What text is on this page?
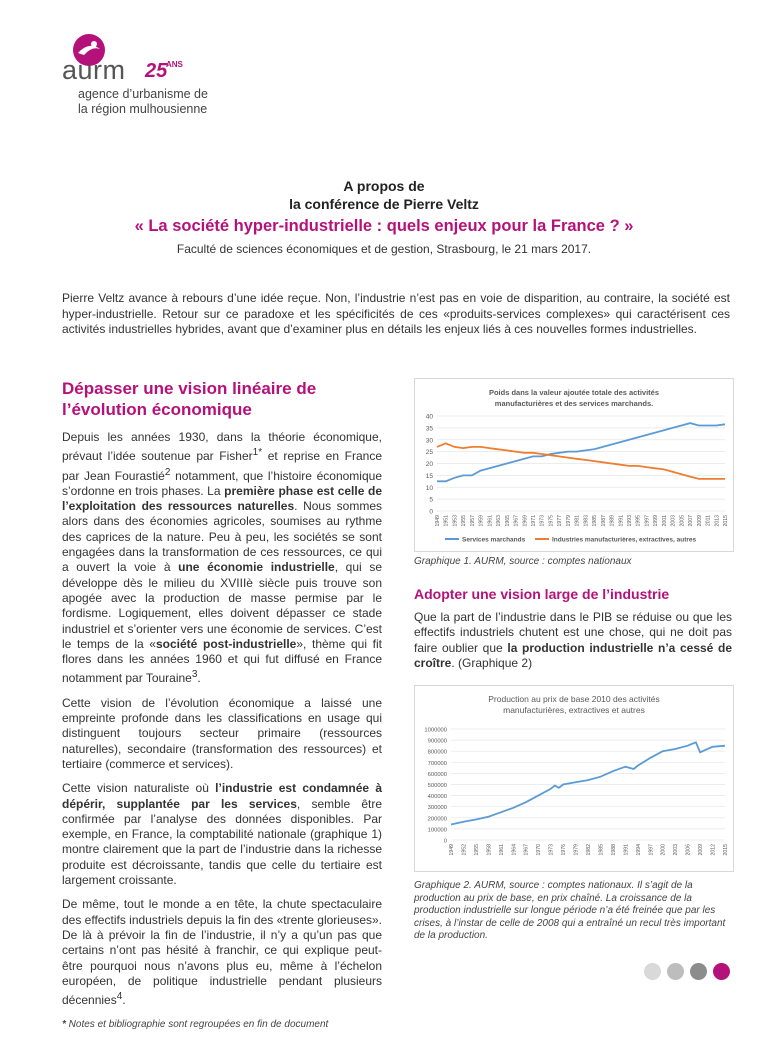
aurm 25
ANS
agence d’urbanisme de
la région mulhousienne
A propos de
la conférence de Pierre Veltz
« La société hyper-industrielle : quels enjeux pour la France ? »
Faculté de sciences économiques et de gestion, Strasbourg, le 21 mars 2017.
Pierre Veltz avance à rebours d’une idée reçue. Non, l’industrie n’est pas en voie de disparition, au contraire, la société est hyper-industrielle. Retour sur ce paradoxe et les spécificités de ces «produits-services complexes» qui caractérisent ces activités industrielles hybrides, avant que d’examiner plus en détails les enjeux liés à ces nouvelles formes industrielles.
Dépasser une vision linéaire de l’évolution économique

Depuis les années 1930, dans la théorie économique, prévaut l’idée soutenue par Fisher$^{1*}$ et reprise en France par Jean Fourastié$^2$ notamment, que l’histoire économique s’ordonne en trois phases. La première phase est celle de l’exploitation des ressources naturelles. Nous sommes alors dans des économies agricoles, soumises au rythme des caprices de la nature. Peu à peu, les sociétés se sont engagées dans la transformation de ces ressources, ce qui a ouvert la voie à une économie industrielle, qui se développe dès le milieu du XVIIIè siècle puis trouve son apogée avec la production de masse permise par le fordisme. Logiquement, elles doivent dépasser ce stade industriel et s’orienter vers une économie de services. C’est le temps de la «société post-industrielle», thème qui fit flores dans les années 1960 et qui fut diffusé en France notamment par Touraine$^3$.

Cette vision de l’évolution économique a laissé une empreinte profonde dans les classifications en usage qui distinguent toujours secteur primaire (ressources naturelles), secondaire (transformation des ressources) et tertiaire (commerce et services).

Cette vision naturaliste où l’industrie est condamnée à dépérir, supplantée par les services, semble être confirmée par l’analyse des données disponibles. Par exemple, en France, la comptabilité nationale (graphique 1) montre clairement que la part de l’industrie dans la richesse produite est décroissante, tandis que celle du tertiaire est largement croissante.

De même, tout le monde a en tête, la chute spectaculaire des effectifs industriels depuis la fin des «trente glorieuses». De là à prévoir la fin de l’industrie, il n’y a qu’un pas que certains n’ont pas hésité à franchir, ce qui explique peut-être pourquoi nous n’avons plus eu, même à l’échelon européen, de politique industrielle pendant plusieurs décennies$^4$.

* Notes et bibliographie sont regroupées en fin de document

Poids dans la valeur ajoutée totale des activités
manufacturières et des services marchands.
0
5
10
15
20
25
30
35
40
1949 1951 1953 1955 1957 1959 1961 1963 1965 1967 1969 1971 1973 1975 1977 1979 1981 1983 1985 1987 1989 1991 1993 1995 1997 1999 2001 2003 2005 2007 2009 2011 2013 2015
Services marchands	Industries manufacturières, extractives, autres
Graphique 1. AURM, source : comptes nationaux
Adopter une vision large de l’industrie
Que la part de l’industrie dans le PIB se réduise ou que les effectifs industriels chutent est une chose, qui ne doit pas faire oublier que la production industrielle n’a cessé de croître. (Graphique 2)
Production au prix de base 2010 des activités
manufacturières, extractives et autres
0
100000
200000
300000
400000
500000
600000
700000
800000
900000
1000000
1949 1952 1955 1958 1961 1964 1967 1970 1973 1976 1979 1982 1985 1988 1991 1994 1997 2000 2003 2006 2009 2012 2015
Graphique 2. AURM, source : comptes nationaux. Il s’agit de la production au prix de base, en prix chaîné. La croissance de la production industrielle sur longue période n’a été freinée que par les crises, à l’instar de celle de 2008 qui a entraîné un recul très important de la production.
